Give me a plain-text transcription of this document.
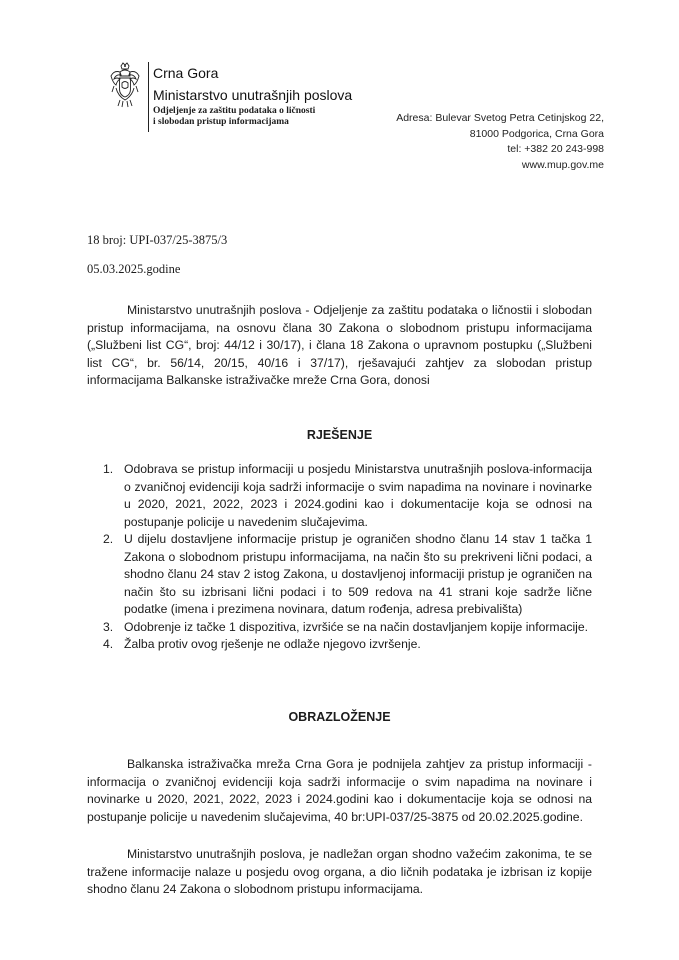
Crna Gora
Ministarstvo unutrašnjih poslova
Odjeljenje za zaštitu podataka o ličnosti
i slobodan pristup informacijama	Adresa: Bulevar Svetog Petra Cetinjskog 22,
81000 Podgorica, Crna Gora
tel: +382 20 243-998
www.mup.gov.me
18 broj: UPI-037/25-3875/3
05.03.2025.godine

Ministarstvo unutrašnjih poslova - Odjeljenje za zaštitu podataka o ličnostii i slobodan pristup informacijama, na osnovu člana 30 Zakona o slobodnom pristupu informacijama („Službeni list CG“, broj: 44/12 i 30/17), i člana 18 Zakona o upravnom postupku („Službeni list CG“, br. 56/14, 20/15, 40/16 i 37/17), rješavajući zahtjev za slobodan pristup informacijama Balkanske istraživačke mreže Crna Gora, donosi

RJEŠENJE
1. Odobrava se pristup informaciji u posjedu Ministarstva unutrašnjih poslova-informacija o zvaničnoj evidenciji koja sadrži informacije o svim napadima na novinare i novinarke u 2020, 2021, 2022, 2023 i 2024.godini kao i dokumentacije koja se odnosi na postupanje policije u navedenim slučajevima.
2. U dijelu dostavljene informacije pristup je ograničen shodno članu 14 stav 1 tačka 1 Zakona o slobodnom pristupu informacijama, na način što su prekriveni lični podaci, a shodno članu 24 stav 2 istog Zakona, u dostavljenoj informaciji pristup je ograničen na način što su izbrisani lični podaci i to 509 redova na 41 strani koje sadrže lične podatke (imena i prezimena novinara, datum rođenja, adresa prebivališta)
3. Odobrenje iz tačke 1 dispozitiva, izvršiće se na način dostavljanjem kopije informacije.
4. Žalba protiv ovog rješenje ne odlaže njegovo izvršenje.
OBRAZLOŽENJE

Balkanska istraživačka mreža Crna Gora je podnijela zahtjev za pristup informaciji - informacija o zvaničnoj evidenciji koja sadrži informacije o svim napadima na novinare i novinarke u 2020, 2021, 2022, 2023 i 2024.godini kao i dokumentacije koja se odnosi na postupanje policije u navedenim slučajevima, 40 br:UPI-037/25-3875 od 20.02.2025.godine.

Ministarstvo unutrašnjih poslova, je nadležan organ shodno važećim zakonima, te se tražene informacije nalaze u posjedu ovog organa, a dio ličnih podataka je izbrisan iz kopije shodno članu 24 Zakona o slobodnom pristupu informacijama.
